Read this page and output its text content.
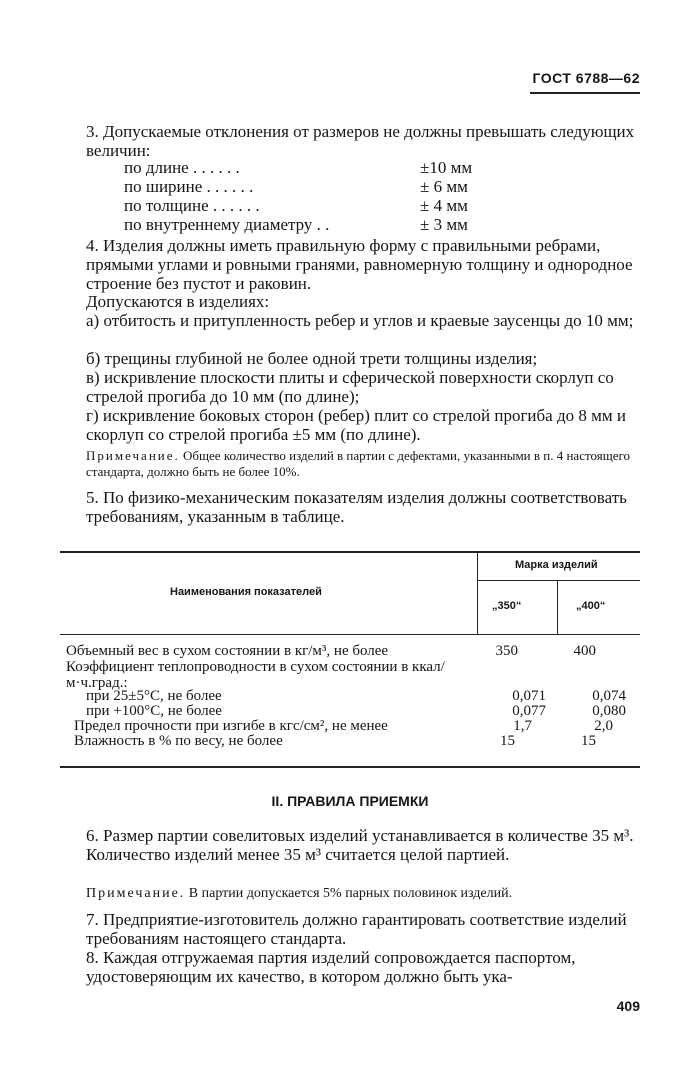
ГОСТ 6788—62

3. Допускаемые отклонения от размеров не должны превышать следующих величин:

по длине . . . . . .	±10 мм
по ширине . . . . . .	± 6 мм
по толщине . . . . . .	± 4 мм
по внутреннему диаметру . .	± 3 мм

4. Изделия должны иметь правильную форму с правильными ребрами, прямыми углами и ровными гранями, равномерную толщину и однородное строение без пустот и раковин.

Допускаются в изделиях:

а) отбитость и притупленность ребер и углов и краевые заусенцы до 10 мм;

б) трещины глубиной не более одной трети толщины изделия;

в) искривление плоскости плиты и сферической поверхности скорлуп со стрелой прогиба до 10 мм (по длине);

г) искривление боковых сторон (ребер) плит со стрелой прогиба до 8 мм и скорлуп со стрелой прогиба ±5 мм (по длине).

Примечание. Общее количество изделий в партии с дефектами, указанными в п. 4 настоящего стандарта, должно быть не более 10%.

5. По физико-механическим показателям изделия должны соответствовать требованиям, указанным в таблице.

Наименования показателей
Марка изделий
„350“	„400“
Объемный вес в сухом состоянии в кг/м³, не более	350	400
Коэффициент теплопроводности в сухом состоянии в ккал/м·ч.град.:
при 25±5°С, не более	0,071	0,074
при +100°С, не более	0,077	0,080
Предел прочности при изгибе в кгс/см², не менее	1,7	2,0
Влажность в % по весу, не более	15	15
II. ПРАВИЛА ПРИЕМКИ

6. Размер партии совелитовых изделий устанавливается в количестве 35 м³. Количество изделий менее 35 м³ считается целой партией.

Примечание. В партии допускается 5% парных половинок изделий.

7. Предприятие-изготовитель должно гарантировать соответствие изделий требованиям настоящего стандарта.

8. Каждая отгружаемая партия изделий сопровождается паспортом, удостоверяющим их качество, в котором должно быть ука-

409
